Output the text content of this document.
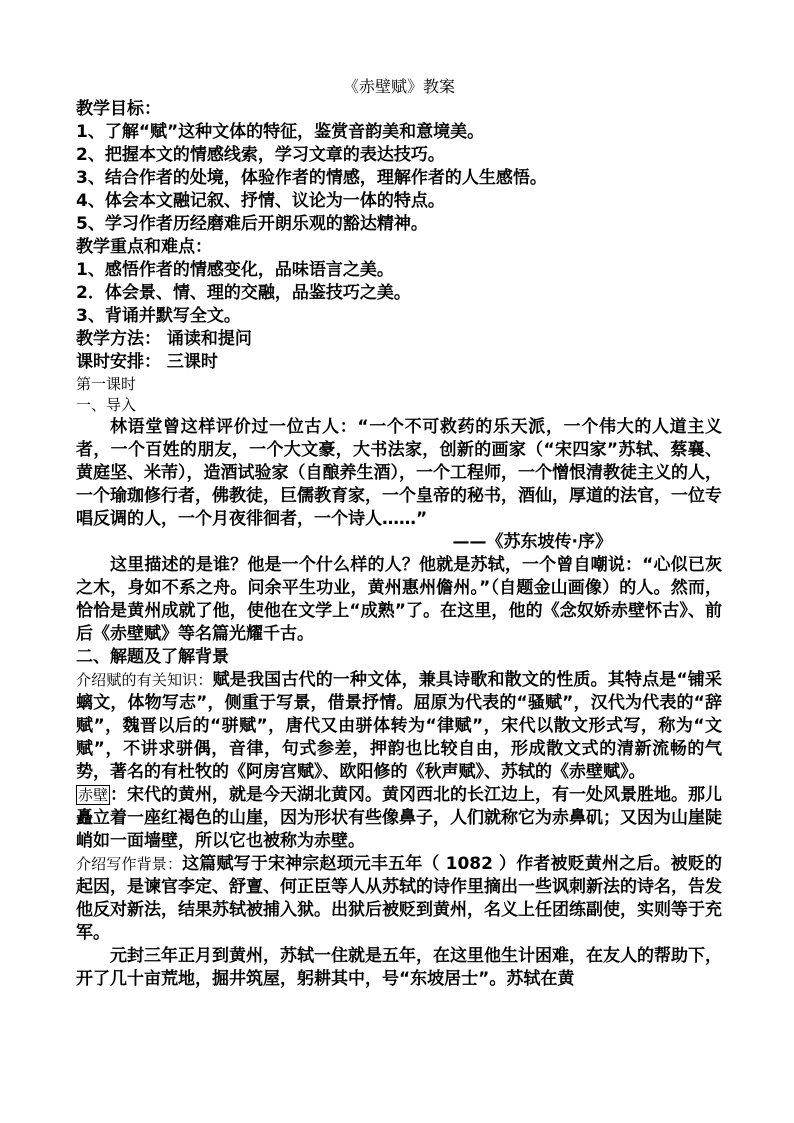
《赤壁赋》教案

教学目标：

1、了解“赋”这种文体的特征，鉴赏音韵美和意境美。

2、把握本文的情感线索，学习文章的表达技巧。

3、结合作者的处境，体验作者的情感，理解作者的人生感悟。

4、体会本文融记叙、抒情、议论为一体的特点。

5、学习作者历经磨难后开朗乐观的豁达精神。

教学重点和难点：

1、感悟作者的情感变化，品味语言之美。

2．体会景、情、理的交融，品鉴技巧之美。

3、背诵并默写全文。

教学方法： 诵读和提问

课时安排： 三课时

第一课时

一、导入

林语堂曾这样评价过一位古人：“一个不可救药的乐天派，一个伟大的人道主义者，一个百姓的朋友，一个大文豪，大书法家，创新的画家（“宋四家”苏轼、蔡襄、黄庭坚、米芾），造酒试验家（自酿养生酒），一个工程师，一个憎恨清教徒主义的人，一个瑜珈修行者，佛教徒，巨儒教育家，一个皇帝的秘书，酒仙，厚道的法官，一位专唱反调的人，一个月夜徘徊者，一个诗人……”

——《苏东坡传·序》

这里描述的是谁？他是一个什么样的人？他就是苏轼，一个曾自嘲说：“心似已灰之木，身如不系之舟。问余平生功业，黄州惠州儋州。”（自题金山画像）的人。然而，恰恰是黄州成就了他，使他在文学上“成熟”了。在这里，他的《念奴娇赤壁怀古》、前后《赤壁赋》等名篇光耀千古。

二、解题及了解背景

介绍赋的有关知识：赋是我国古代的一种文体，兼具诗歌和散文的性质。其特点是“铺采螭文，体物写志”，侧重于写景，借景抒情。屈原为代表的“骚赋”，汉代为代表的“辞赋”，魏晋以后的“骈赋”，唐代又由骈体转为“律赋”，宋代以散文形式写，称为“文赋”，不讲求骈偶，音律，句式参差，押韵也比较自由，形成散文式的清新流畅的气势，著名的有杜牧的《阿房宫赋》、欧阳修的《秋声赋》、苏轼的《赤壁赋》。

赤壁 ：宋代的黄州，就是今天湖北黄冈。黄冈西北的长江边上，有一处风景胜地。那儿矗立着一座红褐色的山崖，因为形状有些像鼻子，人们就称它为赤鼻矶；又因为山崖陡峭如一面墙壁，所以它也被称为赤壁。

介绍写作背景：这篇赋写于宋神宗赵顼元丰五年（ 1082 ）作者被贬黄州之后。被贬的起因，是谏官李定、舒亶、何正臣等人从苏轼的诗作里摘出一些讽刺新法的诗名，告发他反对新法，结果苏轼被捕入狱。出狱后被贬到黄州，名义上任团练副使，实则等于充军。

元封三年正月到黄州，苏轼一住就是五年，在这里他生计困难，在友人的帮助下，开了几十亩荒地，掘井筑屋，躬耕其中，号“东坡居士”。苏轼在黄
